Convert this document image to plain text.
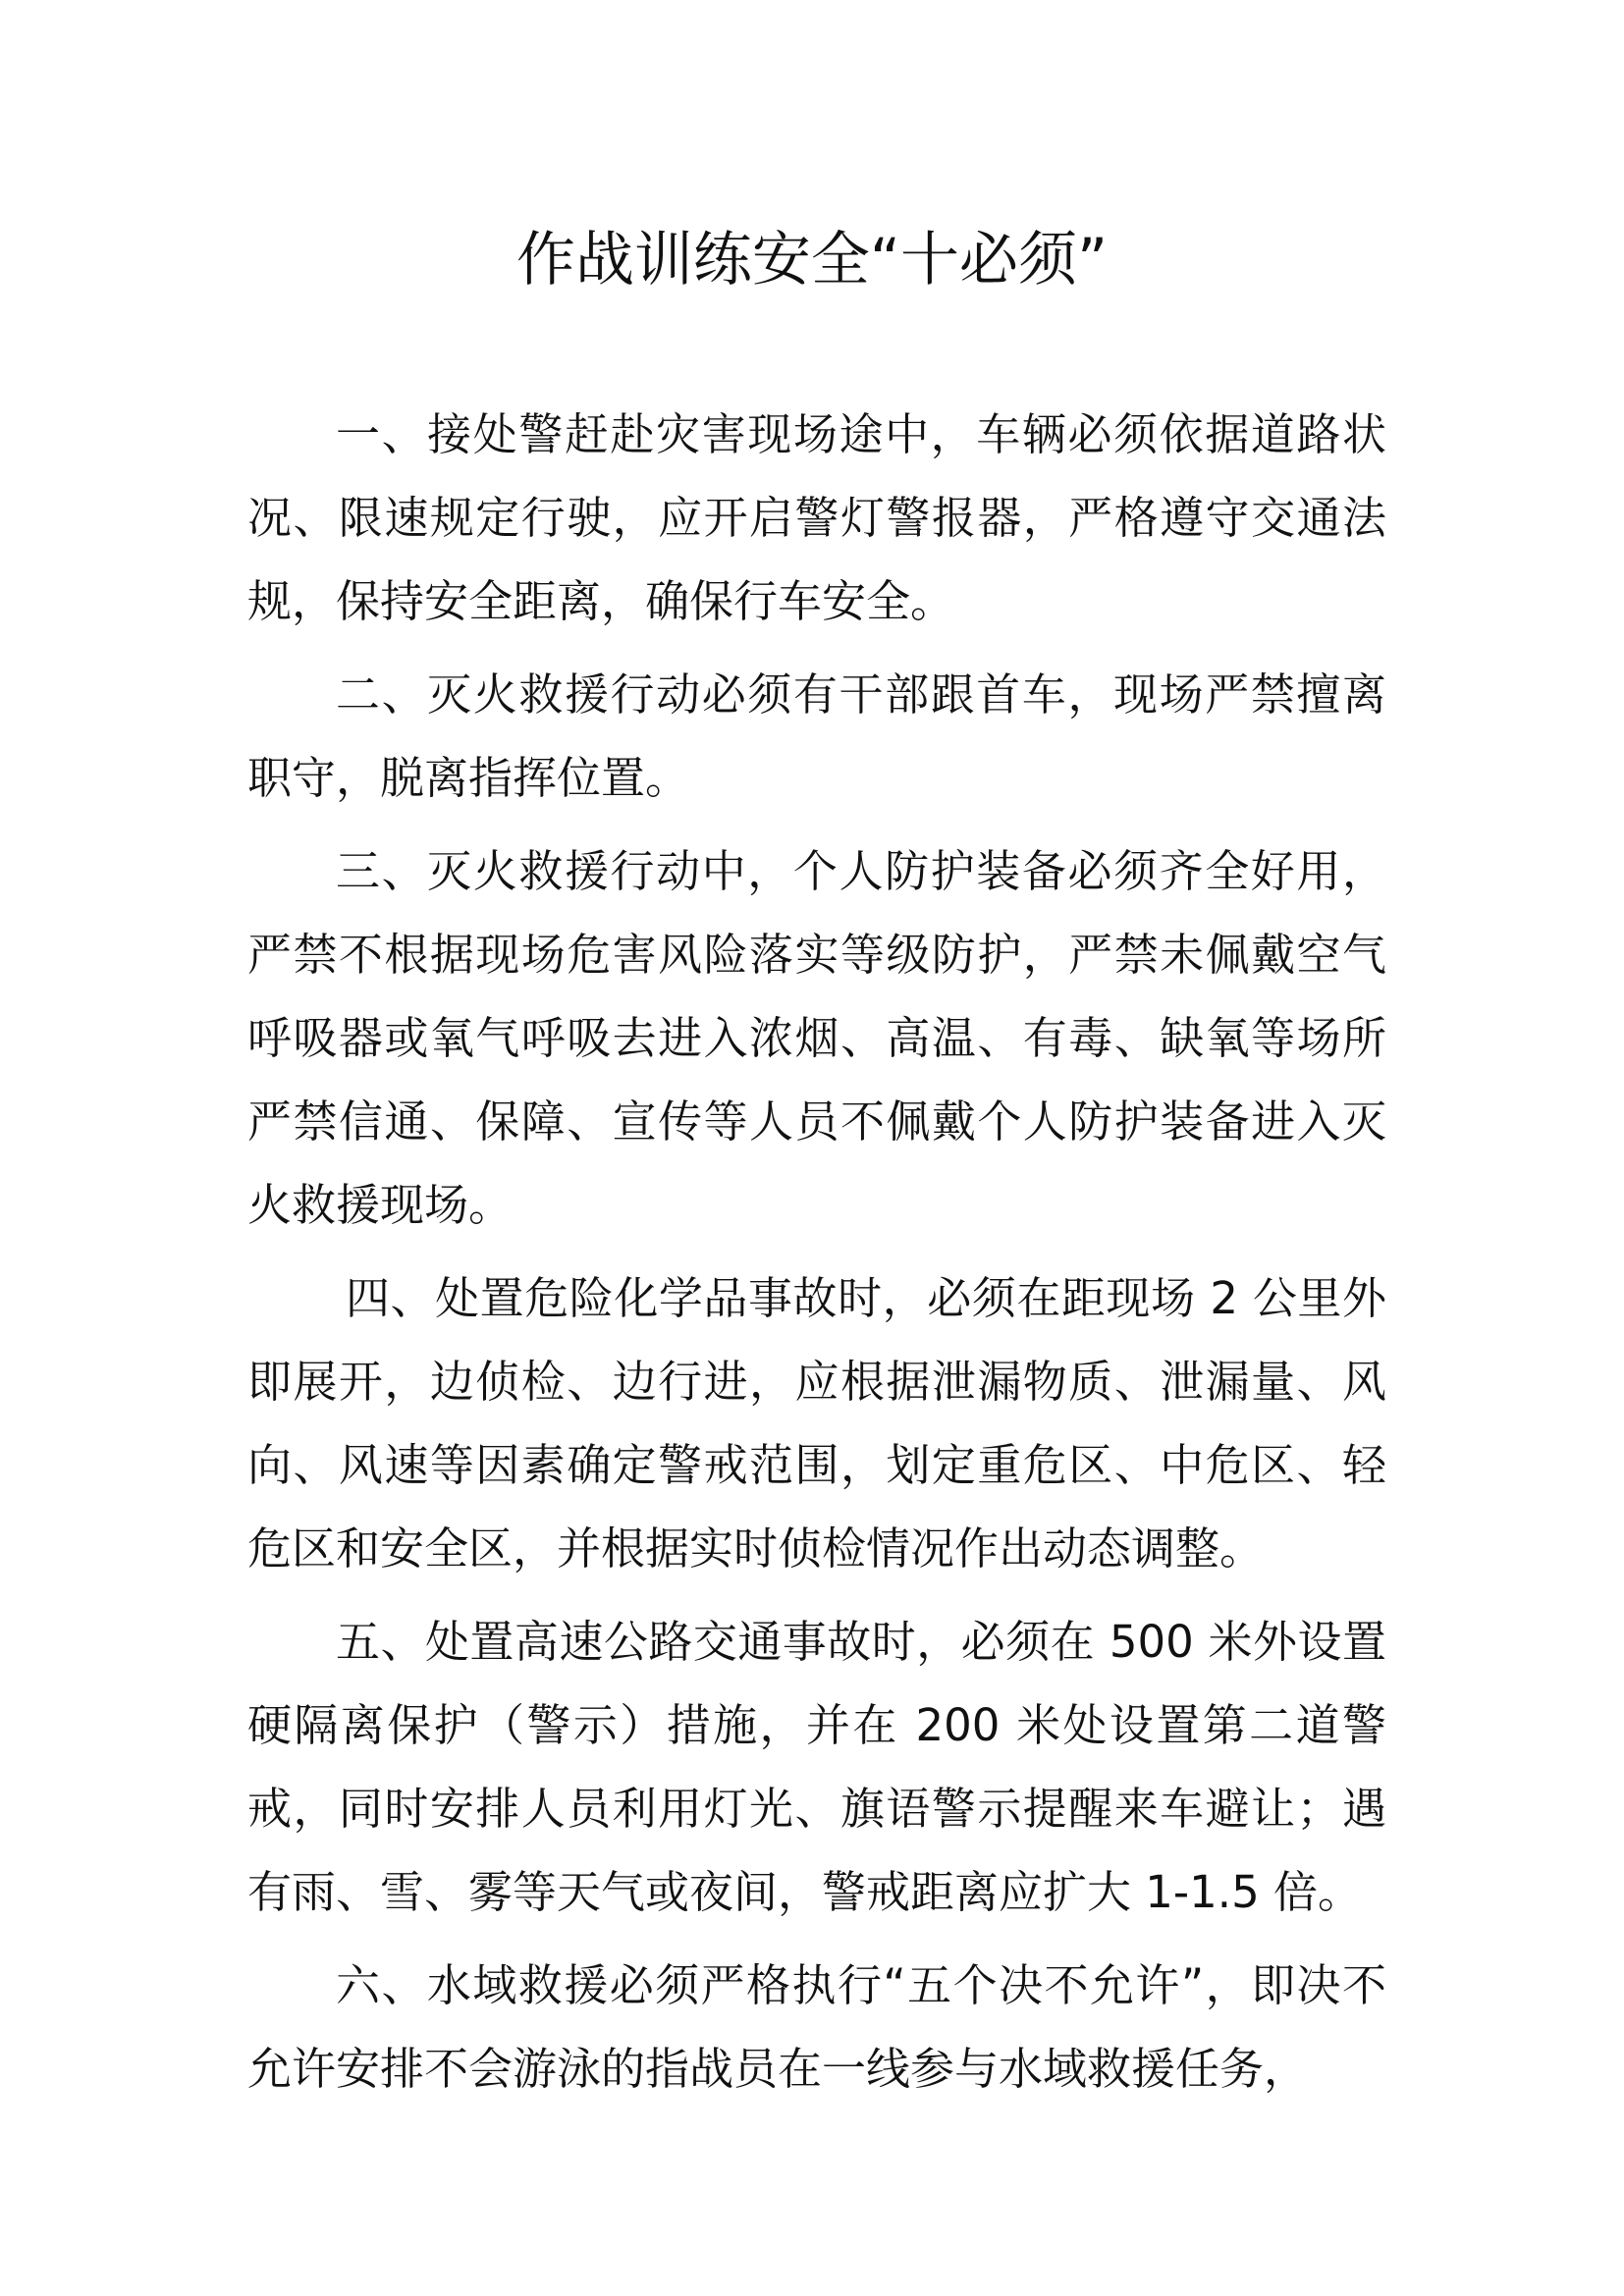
作战训练安全“十必须”

一、接处警赶赴灾害现场途中，车辆必须依据道路状况、限速规定行驶，应开启警灯警报器，严格遵守交通法规，保持安全距离，确保行车安全。

二、灭火救援行动必须有干部跟首车，现场严禁擅离职守，脱离指挥位置。

三、灭火救援行动中，个人防护装备必须齐全好用，严禁不根据现场危害风险落实等级防护，严禁未佩戴空气呼吸器或氧气呼吸去进入浓烟、高温、有毒、缺氧等场所严禁信通、保障、宣传等人员不佩戴个人防护装备进入灭火救援现场。

四、处置危险化学品事故时，必须在距现场 2 公里外即展开，边侦检、边行进，应根据泄漏物质、泄漏量、风向、风速等因素确定警戒范围，划定重危区、中危区、轻危区和安全区，并根据实时侦检情况作出动态调整。

五、处置高速公路交通事故时，必须在 500 米外设置硬隔离保护（警示）措施，并在 200 米处设置第二道警戒，同时安排人员利用灯光、旗语警示提醒来车避让；遇有雨、雪、雾等天气或夜间，警戒距离应扩大 1-1.5 倍。

六、水域救援必须严格执行“五个决不允许”，即决不允许安排不会游泳的指战员在一线参与水域救援任务，
